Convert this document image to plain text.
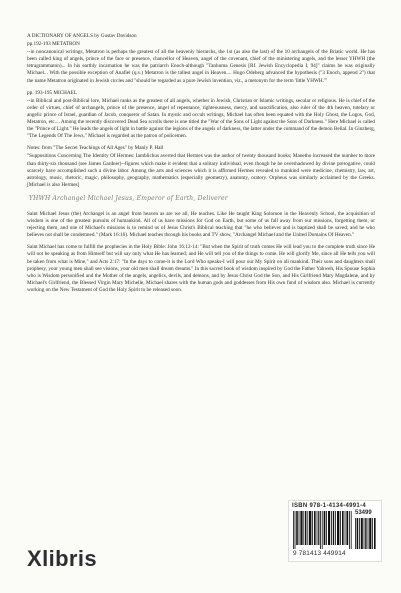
A DICTIONARY OF ANGELS by Gustav Davidson

pp.192-193 METATRON

--in noncanonical writings, Metatron is perhaps the greatest of all the heavenly hierarchs, the 1st (as also the last) of the 10 archangels of the Briatic world. He has been called king of angels, prince of the face or presence, chancellor of Heaven, angel of the covenant, chief of the ministering angels, and the lesser YHWH (the tetragrammaton)... In his earthly incarnation he was the patriarch Enoch-although "Tanhuma Genesis [Rf. Jewish Encyclopedia I, 94]" claims he was originally Michael... With the possible exception of Anafiel (q.v.) Metatron is the tallest angel in Heaven.... Hugo Odeberg advanced the hypothesis ("3 Enoch, append 2") that the name Metatron originated in Jewish circles and "should be regarded as a pure Jewish invention, viz., a metonym for the term 'little YHWH.'"

pp. 193-195 MICHAEL

--in Biblical and post-Biblical lore, Michael ranks as the greatest of all angels, whether in Jewish, Christian or Islamic writings, secular or religious. He is chief of the order of virtues, chief of archangels, prince of the presence, angel of repentance, righteousness, mercy, and sanctification, also ruler of the 4th heaven, tutelary or angelic prince of Israel, guardian of Jacob, conqueror of Satan. In mystic and occult writings, Michael has often been equated with the Holy Ghost, the Logos, God, Metatron, etc.... Among the recently discovered Dead Sea scrolls there is one titled the "War of the Sons of Light against the Sons of Darkness." Here Michael is called the "Prince of Light." He leads the angels of light in battle against the legions of the angels of darkness, the latter under the command of the demon Belial. In Ginzberg, "The Legends Of The Jews," Michael is regarded as the patron of policemen.

Notes: from "The Secret Teachings of All Ages" by Manly P. Hall

"Suppositions Concerning The Identity Of Hermes: Iamblichus averred that Hermes was the author of twenty thousand books; Manetho increased the number to more than thirty-six thousand (see James Gardner)--figures which make it evident that a solitary individual, even though he be overshadowed by divine prerogative, could scarcely have accomplished such a divine labor. Among the arts and sciences which it is affirmed Hermes revealed to mankind were medicine, chemistry, law, art, astrology, music, rhetoric, magic, philosophy, geography, mathematics (especially geometry), anatomy, oratory. Orpheus was similarly acclaimed by the Greeks. [Michael is also Hermes]

YHWH Archangel Michael Jesus, Emperor of Earth, Deliverer

Saint Michael Jesus (the) Archangel is an angel from heaven as are we all, He teaches. Like He taught King Solomon in the Heavenly School, the acquisition of wisdom is one of the greatest pursuits of humankind. All of us have missions for God on Earth, but some of us fall away from our missions, forgetting them, or rejecting them, and one of Michael's missions is to remind us of Jesus Christ's Biblical teaching that "he who believes and is baptized shall be saved; and he who believes not shall be condemned." (Mark 16:16). Michael teaches through his books and TV show, "Archangel Michael and the United Domains Of Heaven."

Saint Michael has come to fulfill the prophecies in the Holy Bible: John 16:12-14: "But when the Spirit of truth comes He will lead you to the complete truth since He will not be speaking as from Himself but will say only what He has learned; and He will tell you of the things to come. He will glorify Me, since all He tells you will be taken from what is Mine," and Acts 2:17: "In the days to come-it is the Lord Who speaks-I will pour our My Spirit on all mankind. Their sons and daughters shall prophesy, your young men shall see visions, your old men shall dream dreams." In this sacred book of wisdom inspired by God the Father Yahweh, His Spouse Sophia who is Wisdom personified and the Mother of the angels, angelics, devils, and demons, and by Jesus Christ God the Son, and His Girlfriend Mary Magdalene, and by Michael's Girlfriend, the Blessed Virgin Mary Michelle, Michael shares with the human gods and goddesses from His own fund of wisdom also. Michael is currently working on the New Testament of God the Holy Spirit to be released soon.

ISBN 978-1-4134-4991-4
53499
9 781413 449914
Xlibris
